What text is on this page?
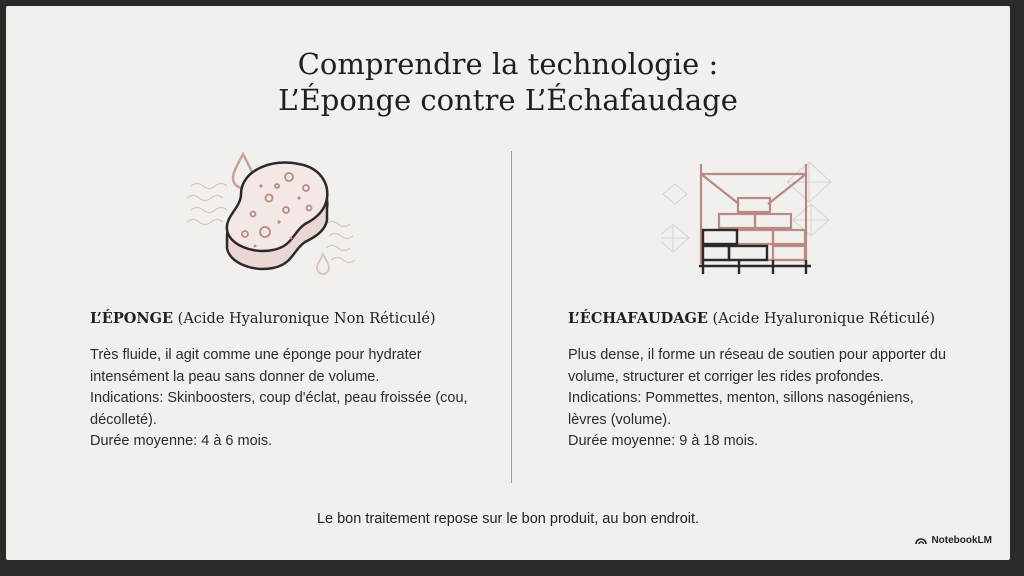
Comprendre la technologie :
L’Éponge contre L’Échafaudage
L’ÉPONGE (Acide Hyaluronique Non Réticulé)

Très fluide, il agit comme une éponge pour hydrater intensément la peau sans donner de volume.

Indications: Skinboosters, coup d'éclat, peau froissée (cou, décolleté).

Durée moyenne: 4 à 6 mois.

L’ÉCHAFAUDAGE (Acide Hyaluronique Réticulé)

Plus dense, il forme un réseau de soutien pour apporter du volume, structurer et corriger les rides profondes.

Indications: Pommettes, menton, sillons nasogéniens, lèvres (volume).

Durée moyenne: 9 à 18 mois.

Le bon traitement repose sur le bon produit, au bon endroit.
NotebookLM
